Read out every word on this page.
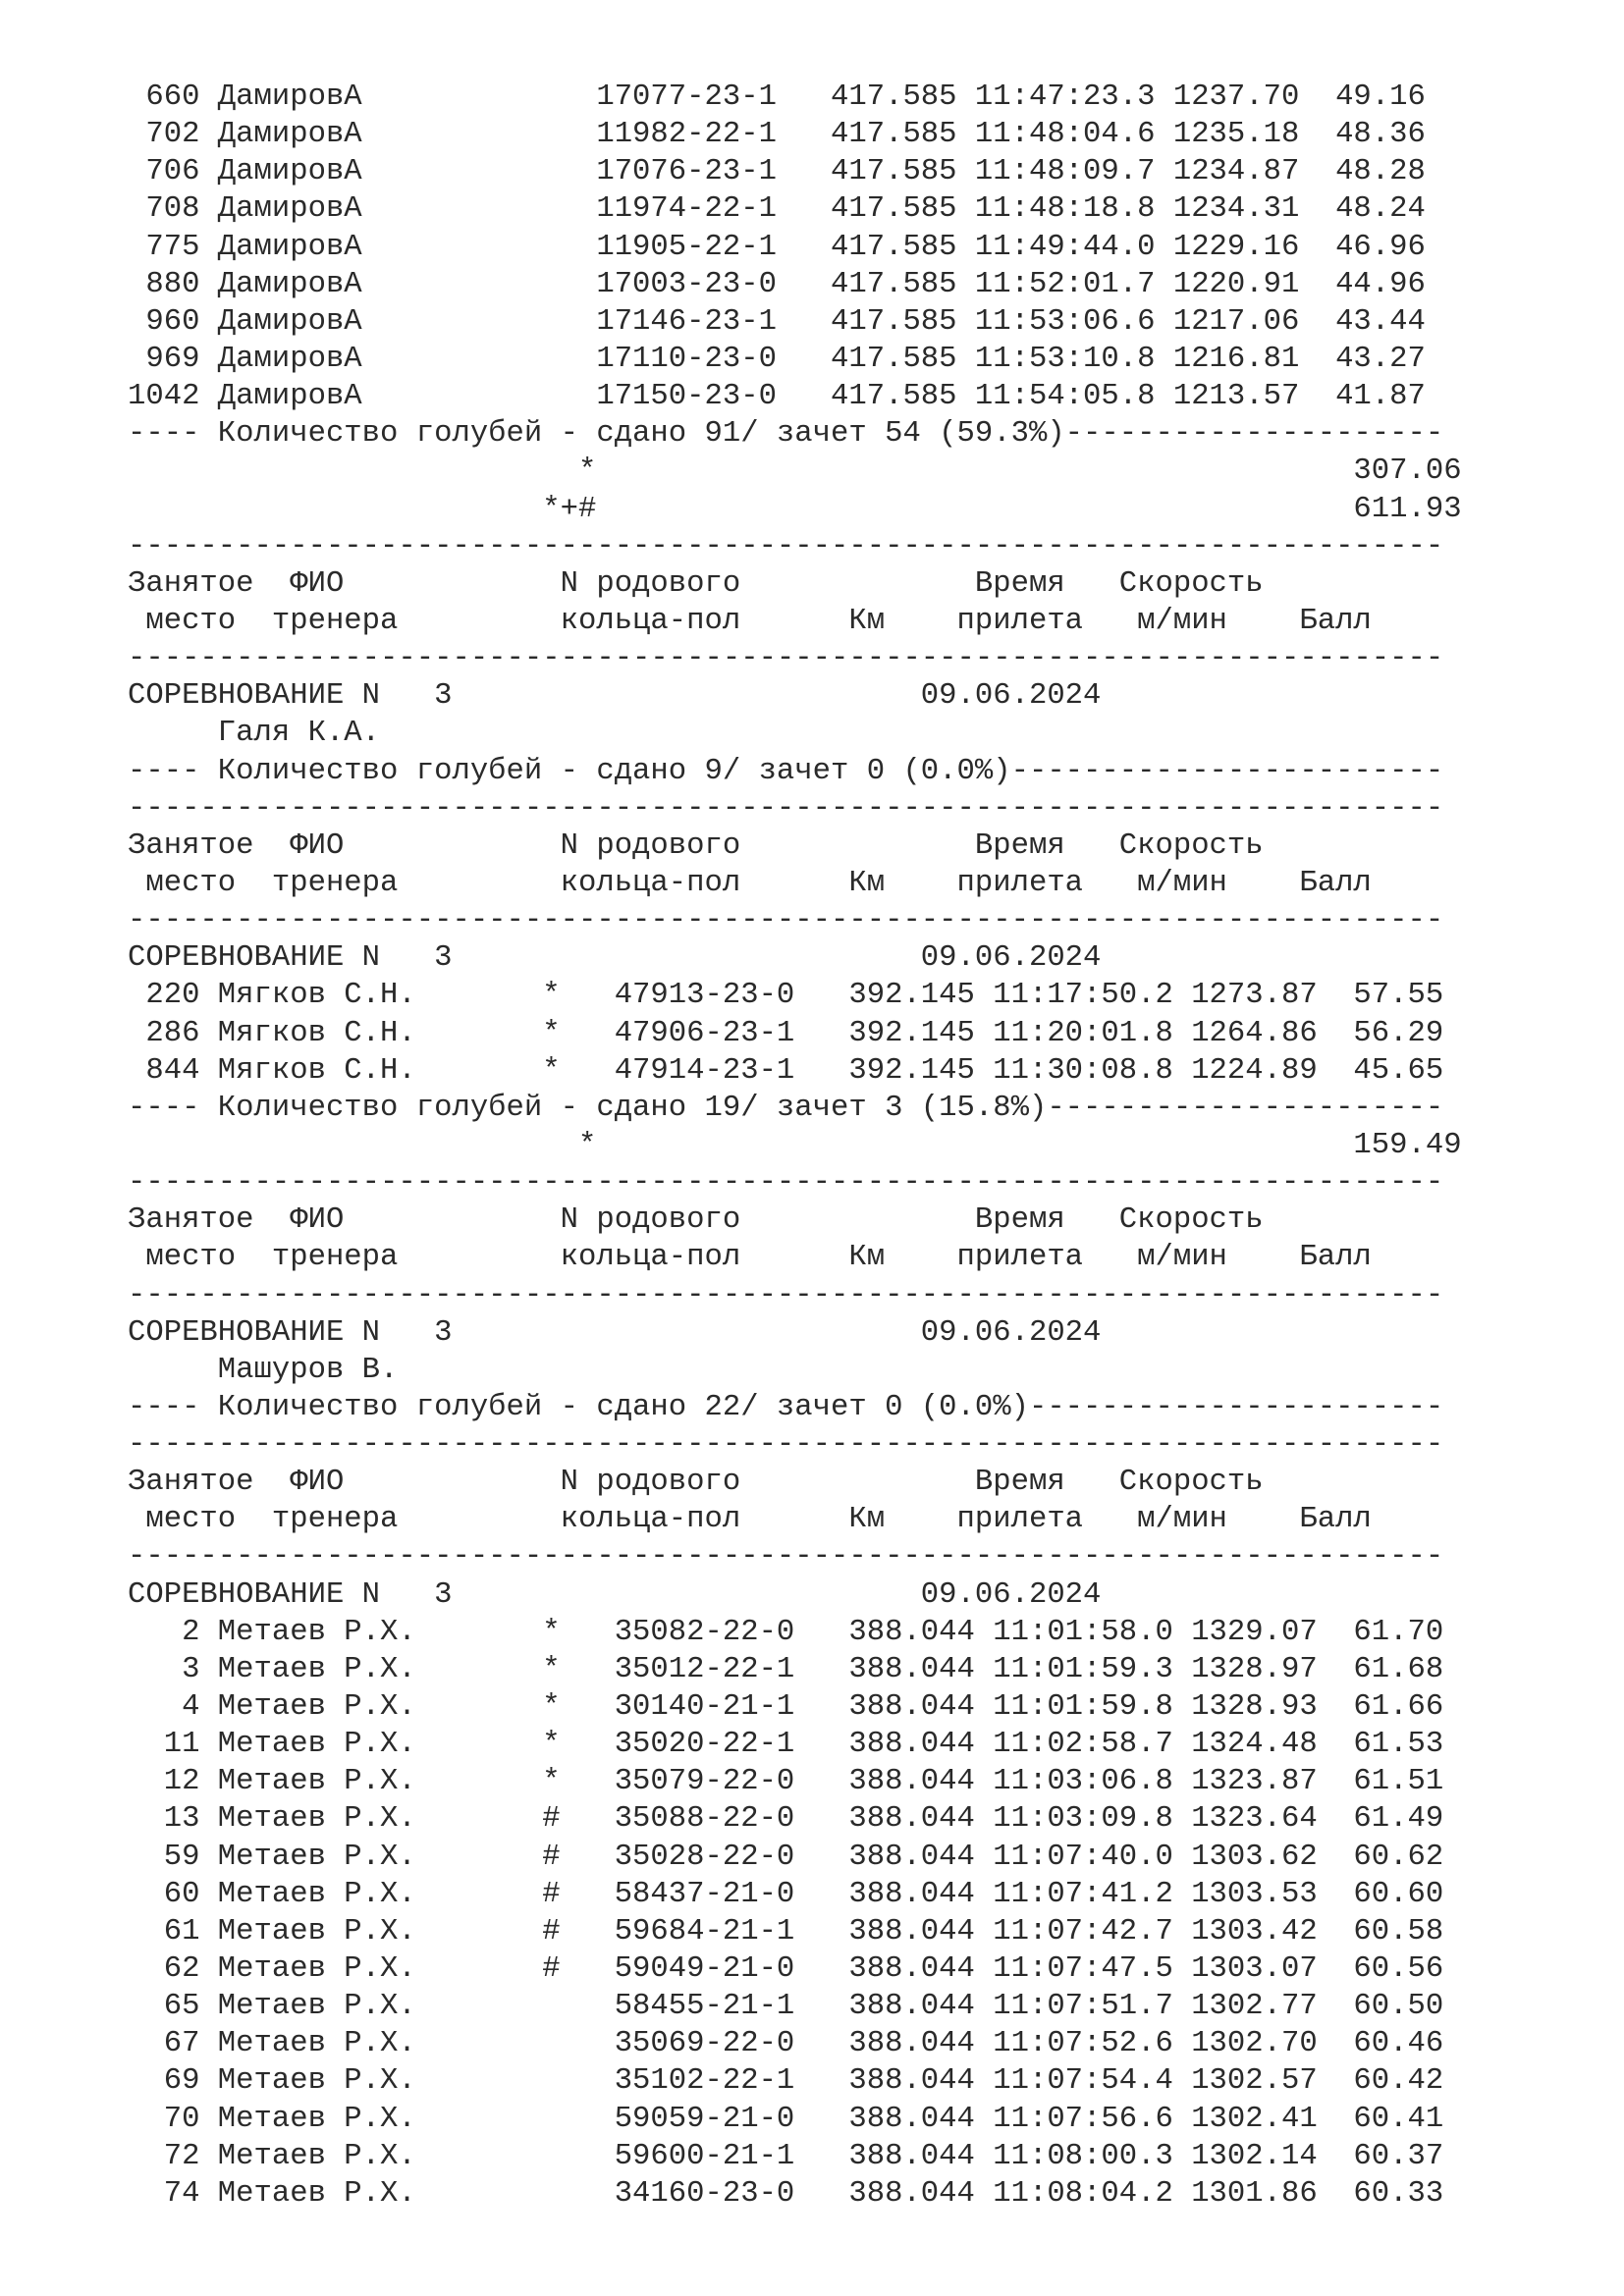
660 ДамировА             17077-23-1   417.585 11:47:23.3 1237.70  49.16
702 ДамировА             11982-22-1   417.585 11:48:04.6 1235.18  48.36
706 ДамировА             17076-23-1   417.585 11:48:09.7 1234.87  48.28
708 ДамировА             11974-22-1   417.585 11:48:18.8 1234.31  48.24
775 ДамировА             11905-22-1   417.585 11:49:44.0 1229.16  46.96
880 ДамировА             17003-23-0   417.585 11:52:01.7 1220.91  44.96
960 ДамировА             17146-23-1   417.585 11:53:06.6 1217.06  43.44
969 ДамировА             17110-23-0   417.585 11:53:10.8 1216.81  43.27
1042 ДамировА             17150-23-0   417.585 11:54:05.8 1213.57  41.87
---- Количество голубей - сдано 91/ зачет 54 (59.3%)---------------------
*                                          307.06
*+#                                          611.93
-------------------------------------------------------------------------
Занятое  ФИО            N родового             Время   Скорость
место  тренера         кольца-пол      Км    прилета   м/мин    Балл
-------------------------------------------------------------------------
СОРЕВНОВАНИЕ N   3                          09.06.2024
Галя К.А.
---- Количество голубей - сдано 9/ зачет 0 (0.0%)------------------------
-------------------------------------------------------------------------
Занятое  ФИО            N родового             Время   Скорость
место  тренера         кольца-пол      Км    прилета   м/мин    Балл
-------------------------------------------------------------------------
СОРЕВНОВАНИЕ N   3                          09.06.2024
220 Мягков С.Н.       *   47913-23-0   392.145 11:17:50.2 1273.87  57.55
286 Мягков С.Н.       *   47906-23-1   392.145 11:20:01.8 1264.86  56.29
844 Мягков С.Н.       *   47914-23-1   392.145 11:30:08.8 1224.89  45.65
---- Количество голубей - сдано 19/ зачет 3 (15.8%)----------------------
*                                          159.49
-------------------------------------------------------------------------
Занятое  ФИО            N родового             Время   Скорость
место  тренера         кольца-пол      Км    прилета   м/мин    Балл
-------------------------------------------------------------------------
СОРЕВНОВАНИЕ N   3                          09.06.2024
Машуров В.
---- Количество голубей - сдано 22/ зачет 0 (0.0%)-----------------------
-------------------------------------------------------------------------
Занятое  ФИО            N родового             Время   Скорость
место  тренера         кольца-пол      Км    прилета   м/мин    Балл
-------------------------------------------------------------------------
СОРЕВНОВАНИЕ N   3                          09.06.2024
2 Метаев Р.Х.       *   35082-22-0   388.044 11:01:58.0 1329.07  61.70
3 Метаев Р.Х.       *   35012-22-1   388.044 11:01:59.3 1328.97  61.68
4 Метаев Р.Х.       *   30140-21-1   388.044 11:01:59.8 1328.93  61.66
11 Метаев Р.Х.       *   35020-22-1   388.044 11:02:58.7 1324.48  61.53
12 Метаев Р.Х.       *   35079-22-0   388.044 11:03:06.8 1323.87  61.51
13 Метаев Р.Х.       #   35088-22-0   388.044 11:03:09.8 1323.64  61.49
59 Метаев Р.Х.       #   35028-22-0   388.044 11:07:40.0 1303.62  60.62
60 Метаев Р.Х.       #   58437-21-0   388.044 11:07:41.2 1303.53  60.60
61 Метаев Р.Х.       #   59684-21-1   388.044 11:07:42.7 1303.42  60.58
62 Метаев Р.Х.       #   59049-21-0   388.044 11:07:47.5 1303.07  60.56
65 Метаев Р.Х.           58455-21-1   388.044 11:07:51.7 1302.77  60.50
67 Метаев Р.Х.           35069-22-0   388.044 11:07:52.6 1302.70  60.46
69 Метаев Р.Х.           35102-22-1   388.044 11:07:54.4 1302.57  60.42
70 Метаев Р.Х.           59059-21-0   388.044 11:07:56.6 1302.41  60.41
72 Метаев Р.Х.           59600-21-1   388.044 11:08:00.3 1302.14  60.37
74 Метаев Р.Х.           34160-23-0   388.044 11:08:04.2 1301.86  60.33
